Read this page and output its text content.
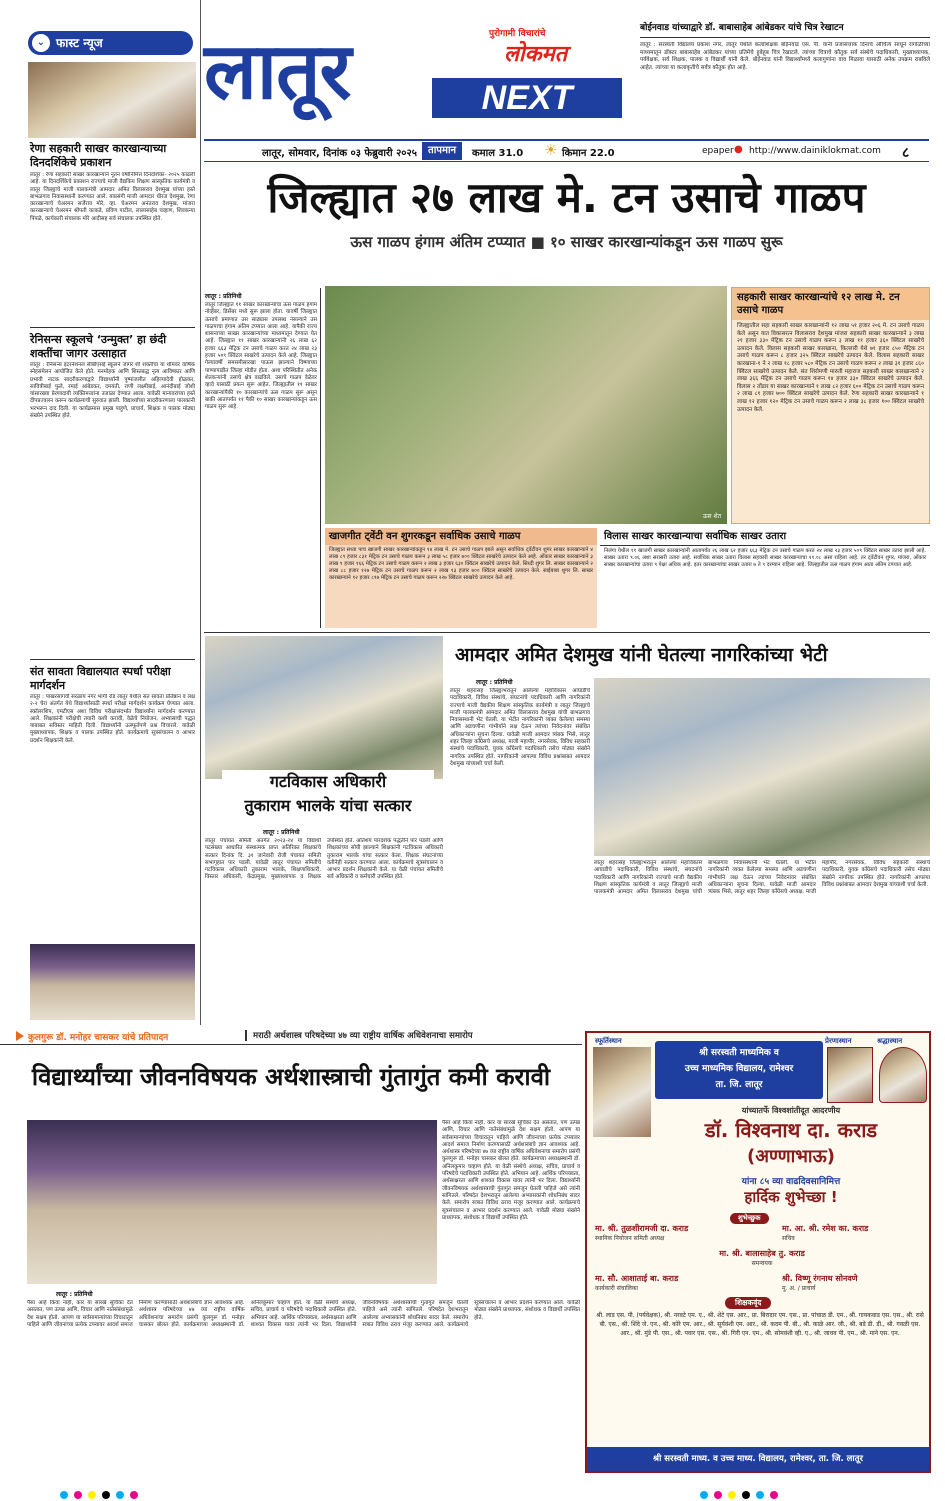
⌄ फास्ट न्यूज
रेणा सहकारी साखर कारखान्याच्या दिनदर्शिकेचे प्रकाशन
लातूर : रेणा सहकारी साखर कारखान्याने नूतन वर्षानिमित्त दिनदर्शिका- २०२५ काढली आहे. या दिनदर्शिकेचे प्रकाशन राज्याचे माजी वैद्यकिय शिक्षण सांस्कृतिक कार्यमंत्री व लातूर जिल्ह्याचे माजी पालकमंत्री आमदार अमित विलासराव देशमुख यांच्या हस्ते बाभळगाव निवासस्थानी करण्यात आले. याप्रसंगी माजी आमदार धीरज देशमुख, रेणा कारखान्याचे चेअरमन सर्जेराव मोरे, व्हा. चेअरमन अनंतराव देशमुख, मांजरा कारखान्याचे चेअरमन श्रीपती काकडे, प्रविण पाटील, लालासाहेब चव्हाण, शिवकन्या पिंपळे, कार्यकारी संचालक मोरे आदीसह सर्व संचालक उपस्थित होते.
रेनिसन्स स्कूलचे ‘उन्मुक्त’ हा छंदी शक्तींचा जागर उत्साहात
लातूर : रेनिसन्स इंटरनॅशनल सीबीएसई स्कूलने जागर शी शक्तीचा या थीमवर वार्षिक स्नेहसंमेलन आयोजित केले होते. मनमोहक आणि शिस्तबद्ध नृत्य आविष्कार आणि प्रभावी नाटक सादरीकरणाद्वारे विद्यार्थ्यांनी पुष्पांजलीत अहिल्यादेवी होळकर, सावित्रीबाई फुले, रमाई आंबेडकर, दमयंती, राणी लक्ष्मीबाई, आनंदीबाई जोशी यांसारख्या प्रेरणादायी व्यक्तिमत्त्वांना उजाळा देण्यात आला. यावेळी मान्यवरांच्या हस्ते दीपप्रज्वलन करून कार्यक्रमाची सुरुवात झाली. विद्यार्थ्यांच्या सादरीकरणाला पालकांनी भरभरून दाद दिली. या कार्यक्रमास प्रमुख पाहुणे, प्राचार्य, शिक्षक व पालक मोठ्या संख्येने उपस्थित होते.
संत सावता विद्यालयात स्पर्धा परीक्षा मार्गदर्शन
लातूर : पाखरसांगवी सरळाय नगर भागी रोड लातूर येथील संत सावता प्रतिष्ठान व लक्ष २-२ चेरा अंतर्गत येथे विद्यार्थ्यांसाठी स्पर्धा परीक्षा मार्गदर्शन कार्यक्रम घेण्यात आला. स्कॉलरशिप, एमटीएस अशा विविध परीक्षांसंदर्भात विद्यार्थ्यांना मार्गदर्शन करण्यात आले. शिक्षकांनी परीक्षेची तयारी कशी करावी, वेळेचे नियोजन, अभ्यासाची पद्धत याबाबत सविस्तर माहिती दिली. विद्यार्थ्यांनी उत्स्फूर्तपणे प्रश्न विचारले. यावेळी मुख्याध्यापक, शिक्षक व पालक उपस्थित होते. कार्यक्रमाचे सूत्रसंचालन व आभार प्रदर्शन शिक्षकांनी केले.
लातूर	पुरोगामी विचारांचे
लोकमत
NEXT
लातूर, सोमवार, दिनांक ०३ फेब्रुवारी २०२५	तापमान	कमाल 31.0 ☀ किमान 22.0	epaper ● http://www.dainiklokmat.com ८
बोईनवाड यांच्याद्वारे डॉ. बाबासाहेब आंबेडकर यांचे चित्र रेखाटन
लातूर : सरस्वती विद्यालय प्रकाश नगर, लातूर येथील कलाशिक्षक बोईनवाड एस. पी. यांनी प्रजासत्ताक दिनाचे औचित्य साधून रांगोळीच्या माध्यमातून डॉक्टर बाबासाहेब आंबेडकर यांच्या प्रतिमेचे हुबेहूब चित्र रेखाटले. त्यांच्या चित्राचे कौतुक सर्व संस्थेचे पदाधिकारी, मुख्याध्यापक, पर्यवेक्षक, सर्व शिक्षक, पालक व विद्यार्थी यांनी केले. बोईनवाड यांनी विद्यार्थ्यांमध्ये कलागुणांना वाव मिळावा यासाठी अनेक उपक्रम राबविले आहेत. त्यांच्या या कलाकृतीचे सर्वत्र कौतुक होत आहे.
जिल्ह्यात २७ लाख मे. टन उसाचे गाळप
ऊस गाळप हंगाम अंतिम टप्प्यात ■ १० साखर कारखान्यांकडून ऊस गाळप सुरू
लातूर : प्रतिनिधी
लातूर जिल्ह्यात ११ साखर कारखान्यांचा ऊस गाळप हंगाम नोव्हेंबर, डिसेंबर मध्ये सुरू झाला होता. यावर्षी जिल्ह्यात ऊसाचे प्रमाणात उस साठ्यास उपलब्ध नसल्याने उस गाळपाचा हंगाम अंतिम टप्प्यात आला आहे. यापैकी राज्य शासनाच्या साखर कारखान्यांच्या माध्यमातून देण्यात येत आहे. जिल्ह्यात ११ साखर कारखान्यांनी २६ लाख ६२ हजार ६६३ मेट्रिक टन उसाचे गाळप करत २४ लाख २३ हजार ५०९ क्विंटल साखरेचे उत्पादन केले आहे. जिल्ह्यात गेल्यावर्षी समसमीसारखा पाऊस झाल्याने विष्णाच्या पाण्यापाडीत जिल्हा मोडीत होता. अशा परिस्थितीत अनेक शेतकऱ्यांनी उसाचे क्षेत्र वाढविले. उसाचे गाळप वेळेवर व्हावे यासाठी प्रयत्न सुरू आहेत. जिल्ह्यातील ११ साखर कारखान्यांपैकी १० कारखान्यांचे ऊस गाळप सुरू असून बाकी आतापर्यंत ११ पैकी १० साखर कारखान्यांकडून ऊस गाळप सुरू आहे.
ऊस शेत
सहकारी साखर कारखान्यांचे १२ लाख मे. टन उसाचे गाळप
जिल्ह्यातील सहा सहकारी साखर कारखान्यांनी १२ लाख ५१ हजार २०६ मे. टन उसाचे गाळप केले असून यात विकासरत्न विलासराव देशमुख मांजरा सहकारी साखर कारखान्याने ३ लाख २१ हजार ३३० मेट्रिक टन उसाचे गाळप करून ३ लाख ११ हजार ३६० क्विंटल साखरेचे उत्पादन केले. विलास सहकारी साखर कारखाना, किल्लारी येथे ७१ हजार ८५० मेट्रिक टन उसाचे गाळप करून ८ हजार ३२५ क्विंटल साखरेचे उत्पादन केले. विलास सहकारी साखर कारखाना-१ ने २ लाख १८ हजार ५८० मेट्रिक टन उसाचे गाळप करून २ लाख ३१ हजार ८६० क्विंटल साखरेचे उत्पादन केले. संत शिरोमणी मारुती महाराज सहकारी साखर कारखान्याने २ लाख ३६६ मेट्रिक टन उसाचे गाळप करून १४ हजार ३३० क्विंटल साखरेचे उत्पादन केले. विलास २ तोंडार या साखर कारखान्याने १ लाख ८२ हजार ६०० मेट्रिक टन उसाचे गाळप करून २ लाख ८१ हजार ७०० क्विंटल साखरेचे उत्पादन केले. रेणा सहकारी साखर कारखान्याने १ लाख १२ हजार १२० मेट्रिक टन उसाचे गाळप करून २ लाख ३८ हजार १०० क्विंटल साखरेचे उत्पादन केले.
खाजगीत ट्वेंटी वन शुगरकडून सर्वाधिक उसाचे गाळप
जिल्ह्यात सध्या पाच खाजगी साखर कारखान्यांकडून १४ लाख मे. टन उसाचे गाळप झाले असून सर्वाधिक ट्वेंटीवन शुगर साखर कारखान्याने ४ लाख ८९ हजार ८३१ मेट्रिक टन उसाचे गाळप करून ३ लाख ५८ हजार ७०० क्विंटल साखरेचे उत्पादन केले आहे. ओंकार साखर कारखान्याने ३ लाख ९ हजार १६६ मेट्रिक टन उसाचे गाळप करून २ लाख ३ हजार ६३० क्विंटल साखरेचे उत्पादन केले. सिध्दी शुगर लि. साखर कारखान्याने २ लाख ८८ हजार १२७ मेट्रिक टन उसाचे गाळप करून २ लाख १३ हजार ७०० क्विंटल साखरेचे उत्पादन केले. साईबाबा शुगर लि. साखर कारखान्याने १२ हजार ८९७ मेट्रिक टन उसाचे गाळप करून २२७ क्विंटल साखरेचे उत्पादन केले आहे.
विलास साखर कारखान्याचा सर्वाधिक साखर उतारा
निलंगा येथील ११ खाजगी साखर कारखान्यांनी आतापर्यंत २६ लाख ६२ हजार ६६३ मेट्रिक टन उसाचे गाळप करत २४ लाख २३ हजार ५०९ क्विंटल साखर उतारा झाली आहे. साखर उतारा ९.०६ अशा सरासरी उतारा आहे. सर्वाधिक साखर उतारा विलास सहकारी साखर कारखान्याचा ११.०८ असा राहिला आहे. तर ट्वेंटीवन शुगर, मांजरा, ओंकार साखर कारखान्यांचा उतारा ९ पेक्षा अधिक आहे. इतर कारखान्यांचा साखर उतारा ७ ते ९ दरम्यान राहिला आहे. जिल्ह्यातील ऊस गाळप हंगाम आता अंतिम टप्प्यात आहे.
गटविकास अधिकारी
तुकाराम भालके यांचा सत्कार
लातूर : प्रतिनिधी
लातूर पंचायत समिती अंतर्गत २०२३-२४ या विद्यार्थी पटसंख्या आधारित संस्थात्मक प्राप्त अतिरिक्त शिक्षकांचे सत्कार दिनांक दि. ३१ जानेवारी रोजी पंचायत समिती सभागृहात पार पडली. यावेळी लातूर पंचायत समितीचे गटविकास अधिकारी तुकाराम भालके, शिक्षणाधिकारी, विस्तार अधिकारी, केंद्रप्रमुख, मुख्याध्यापक व शिक्षक उपस्थित होते. अतिशय पारदर्शक पद्धतीने पार पडली आणि शिक्षकांच्या सोयी झाल्याने शिक्षकांनी गटविकास अधिकारी तुकाराम भालके यांचा सत्कार केला. शिक्षक संघटनांच्या वतीनेही सत्कार करण्यात आला. कार्यक्रमाचे सूत्रसंचालन व आभार प्रदर्शन शिक्षकांनी केले. या वेळी पंचायत समितीचे सर्व अधिकारी व कर्मचारी उपस्थित होते.
आमदार अमित देशमुख यांनी घेतल्या नागरिकांच्या भेटी
लातूर : प्रतिनिधी
लातूर शहरासह जिल्ह्याभरातून आलेल्या महाविकास आघाडीचे पदाधिकारी, विविध संस्थांचे, संघटनांचे पदाधिकारी आणि नागरिकांनी राज्याचे माजी वैद्यकीय शिक्षण सांस्कृतिक कार्यमंत्री व लातूर जिल्ह्याचे माजी पालकमंत्री आमदार अमित विलासराव देशमुख यांची बाभळगाव निवासस्थानी भेट घेतली. या भेटीत नागरिकांनी व्यक्त केलेल्या समस्या आणि अडचणींना गांभीर्याने लक्ष देऊन त्यांच्या निवेदनांवर संबंधित अधिकाऱ्यांना सूचना दिल्या. यावेळी माजी आमदार त्र्यंबक भिसे, लातूर शहर जिल्हा काँग्रेसचे अध्यक्ष, माजी महापौर, नगरसेवक, विविध सहकारी संस्थांचे पदाधिकारी, युवक काँग्रेसचे पदाधिकारी तसेच मोठ्या संख्येने नागरिक उपस्थित होते. नागरिकांनी आपल्या विविध प्रश्नांबाबत आमदार देशमुख यांच्याशी चर्चा केली.
लातूर शहरासह जिल्ह्याभरातून आलेल्या महाविकास आघाडीचे पदाधिकारी, विविध संस्थांचे, संघटनांचे पदाधिकारी आणि नागरिकांनी राज्याचे माजी वैद्यकीय शिक्षण सांस्कृतिक कार्यमंत्री व लातूर जिल्ह्याचे माजी पालकमंत्री आमदार अमित विलासराव देशमुख यांची बाभळगाव निवासस्थानी भेट घेतली. या भेटीत नागरिकांनी व्यक्त केलेल्या समस्या आणि अडचणींना गांभीर्याने लक्ष देऊन त्यांच्या निवेदनांवर संबंधित अधिकाऱ्यांना सूचना दिल्या. यावेळी माजी आमदार त्र्यंबक भिसे, लातूर शहर जिल्हा काँग्रेसचे अध्यक्ष, माजी महापौर, नगरसेवक, विविध सहकारी संस्थांचे पदाधिकारी, युवक काँग्रेसचे पदाधिकारी तसेच मोठ्या संख्येने नागरिक उपस्थित होते. नागरिकांनी आपल्या विविध प्रश्नांबाबत आमदार देशमुख यांच्याशी चर्चा केली.
कुलगुरू डॉ. मनोहर चासकर यांचे प्रतिपादन	मराठी अर्थशास्त्र परिषदेच्या ४७ व्या राष्ट्रीय वार्षिक अधिवेशनाचा समारोप
विद्यार्थ्यांच्या जीवनविषयक अर्थशास्त्राची गुंतागुंत कमी करावी
पैसा आहे किंवा नाही, कार या सारखे सूचिका देत असतात, पण उत्पन्न आणि, विचार आणि नातेसंबंधामुळे देश सक्षम होतो. आपण या सर्वसामान्यांच्या विचारातून पाहिले आणि जीवनाच्या प्रत्येक टप्प्यावर आदर्श समाज निर्माण करण्यासाठी अर्थशास्त्राचे ज्ञान आवश्यक आहे. अर्थशास्त्र परिषदेच्या ४७ व्या राष्ट्रीय वार्षिक अधिवेशनाचा समारोप प्रसंगी कुलगुरू डॉ. मनोहर चासकर बोलत होते. कार्यक्रमाच्या अध्यक्षस्थानी डॉ. अनिलकुमार चव्हाण होते. या वेळी संस्थेचे अध्यक्ष, सचिव, प्राचार्य व परिषदेचे पदाधिकारी उपस्थित होते. अभियान आहे. आर्थिक परिपक्वता, अर्थसाक्षरता आणि शाश्वत विकास यावर त्यांनी भर दिला. विद्यार्थ्यांनी जीवनविषयक अर्थशास्त्राची गुंतागुंत समजून घेतली पाहिजे असे त्यांनी सांगितले. परिषदेत देशभरातून आलेल्या अभ्यासकांनी शोधनिबंध सादर केले. समारोप सत्रात विविध ठराव मंजूर करण्यात आले. कार्यक्रमाचे सूत्रसंचालन व आभार प्रदर्शन करण्यात आले. यावेळी मोठ्या संख्येने प्राध्यापक, संशोधक व विद्यार्थी उपस्थित होते.
लातूर : प्रतिनिधी
पैसा आहे किंवा नाही, कार या सारखे सूचिका देत असतात, पण उत्पन्न आणि, विचार आणि नातेसंबंधामुळे देश सक्षम होतो. आपण या सर्वसामान्यांच्या विचारातून पाहिले आणि जीवनाच्या प्रत्येक टप्प्यावर आदर्श समाज निर्माण करण्यासाठी अर्थशास्त्राचे ज्ञान आवश्यक आहे. अर्थशास्त्र परिषदेच्या ४७ व्या राष्ट्रीय वार्षिक अधिवेशनाचा समारोप प्रसंगी कुलगुरू डॉ. मनोहर चासकर बोलत होते. कार्यक्रमाच्या अध्यक्षस्थानी डॉ. अनिलकुमार चव्हाण होते. या वेळी संस्थेचे अध्यक्ष, सचिव, प्राचार्य व परिषदेचे पदाधिकारी उपस्थित होते. अभियान आहे. आर्थिक परिपक्वता, अर्थसाक्षरता आणि शाश्वत विकास यावर त्यांनी भर दिला. विद्यार्थ्यांनी जीवनविषयक अर्थशास्त्राची गुंतागुंत समजून घेतली पाहिजे असे त्यांनी सांगितले. परिषदेत देशभरातून आलेल्या अभ्यासकांनी शोधनिबंध सादर केले. समारोप सत्रात विविध ठराव मंजूर करण्यात आले. कार्यक्रमाचे सूत्रसंचालन व आभार प्रदर्शन करण्यात आले. यावेळी मोठ्या संख्येने प्राध्यापक, संशोधक व विद्यार्थी उपस्थित होते.
स्फूर्तिस्थान
श्री सरस्वती माध्यमिक व
उच्च माध्यमिक विद्यालय, रामेश्वर
ता. जि. लातूर
प्रेरणास्थान	श्रद्धास्थान
यांच्यातर्फे विश्वशांतीदूत आदरणीय
डॉ. विश्वनाथ दा. कराड
(अण्णाभाऊ)
यांना ८५ व्या वाढदिवसानिमित्त
हार्दिक शुभेच्छा !
शुभेच्छुक
मा. श्री. तुळशीरामजी दा. कराड
स्थानिक नियोजन समिती अध्यक्ष
मा. आ. श्री. रमेश का. कराड
सचिव
मा. श्री. बालासाहेब तु. कराड
समन्वयक
मा. सौ. आशाताई बा. कराड
कार्यकारी संचालिका
श्री. विष्णू रंगनाथ सोनवणे
मु. अ. / प्राचार्य
शिक्षकवृंद
श्री. लाड एस. पी. (पर्यवेक्षक), श्री. नरवटे एम. ए., श्री. शेटे एस. आर., प्रा. बिरादार एम. एस., प्रा. पांचाळ डी. एम., श्री. गायकवाड एस. एस., श्री. रासे बी. एस., श्री. शिंदे जे. एन., श्री. कोरे एम. आर., श्री. सूर्यवंशी एम. आर., श्री. कदम पी. बी., श्री. काळे आर. जी., श्री. बडे डी. डी., श्री. गवळी एस. आर., श्री. मुंडे पी. एस., श्री. पवार एस. एस., श्री. गिरी एन. एम., श्री. सोमवंशी व्ही. ए., श्री. जाधव पी. एम., श्री. माने एस. एन.
श्री सरस्वती माध्य. व उच्च माध्य. विद्यालय, रामेश्वर, ता. जि. लातूर
